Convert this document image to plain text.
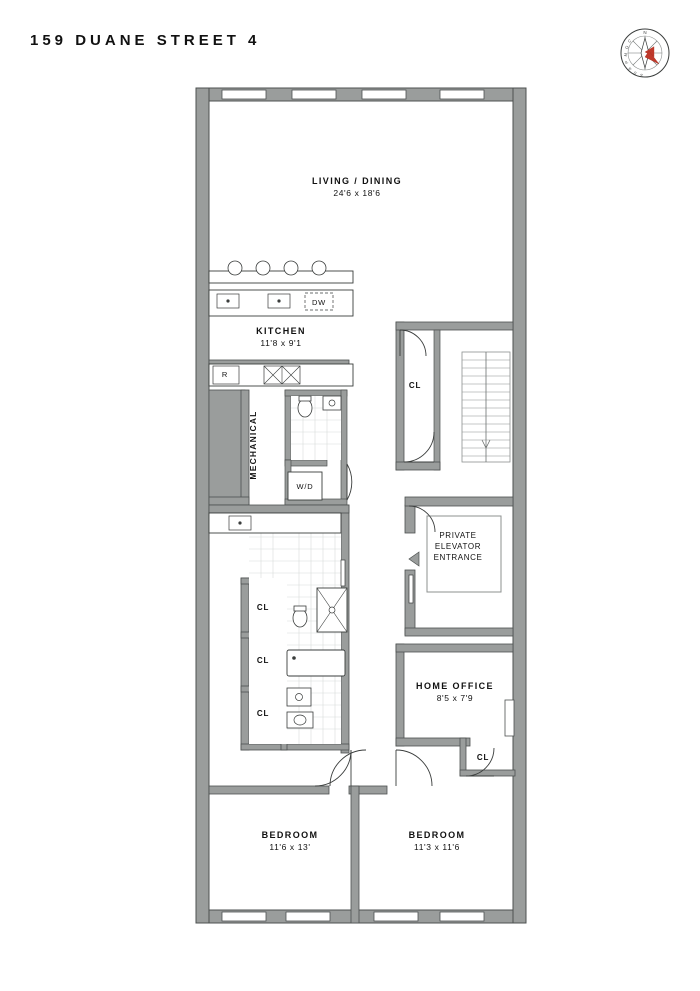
159 DUANE STREET 4	N
C
O
M
P
A
S S
LIVING / DINING
24'6 x 18'6
KITCHEN
11'8 x 9'1
HOME OFFICE
8'5 x 7'9
BEDROOM
11'6 x 13'
BEDROOM
11'3 x 11'6
CL
CL
CL
CL
CL
DW
R
W/D
MECHANICAL
PRIVATE
ELEVATOR
ENTRANCE
